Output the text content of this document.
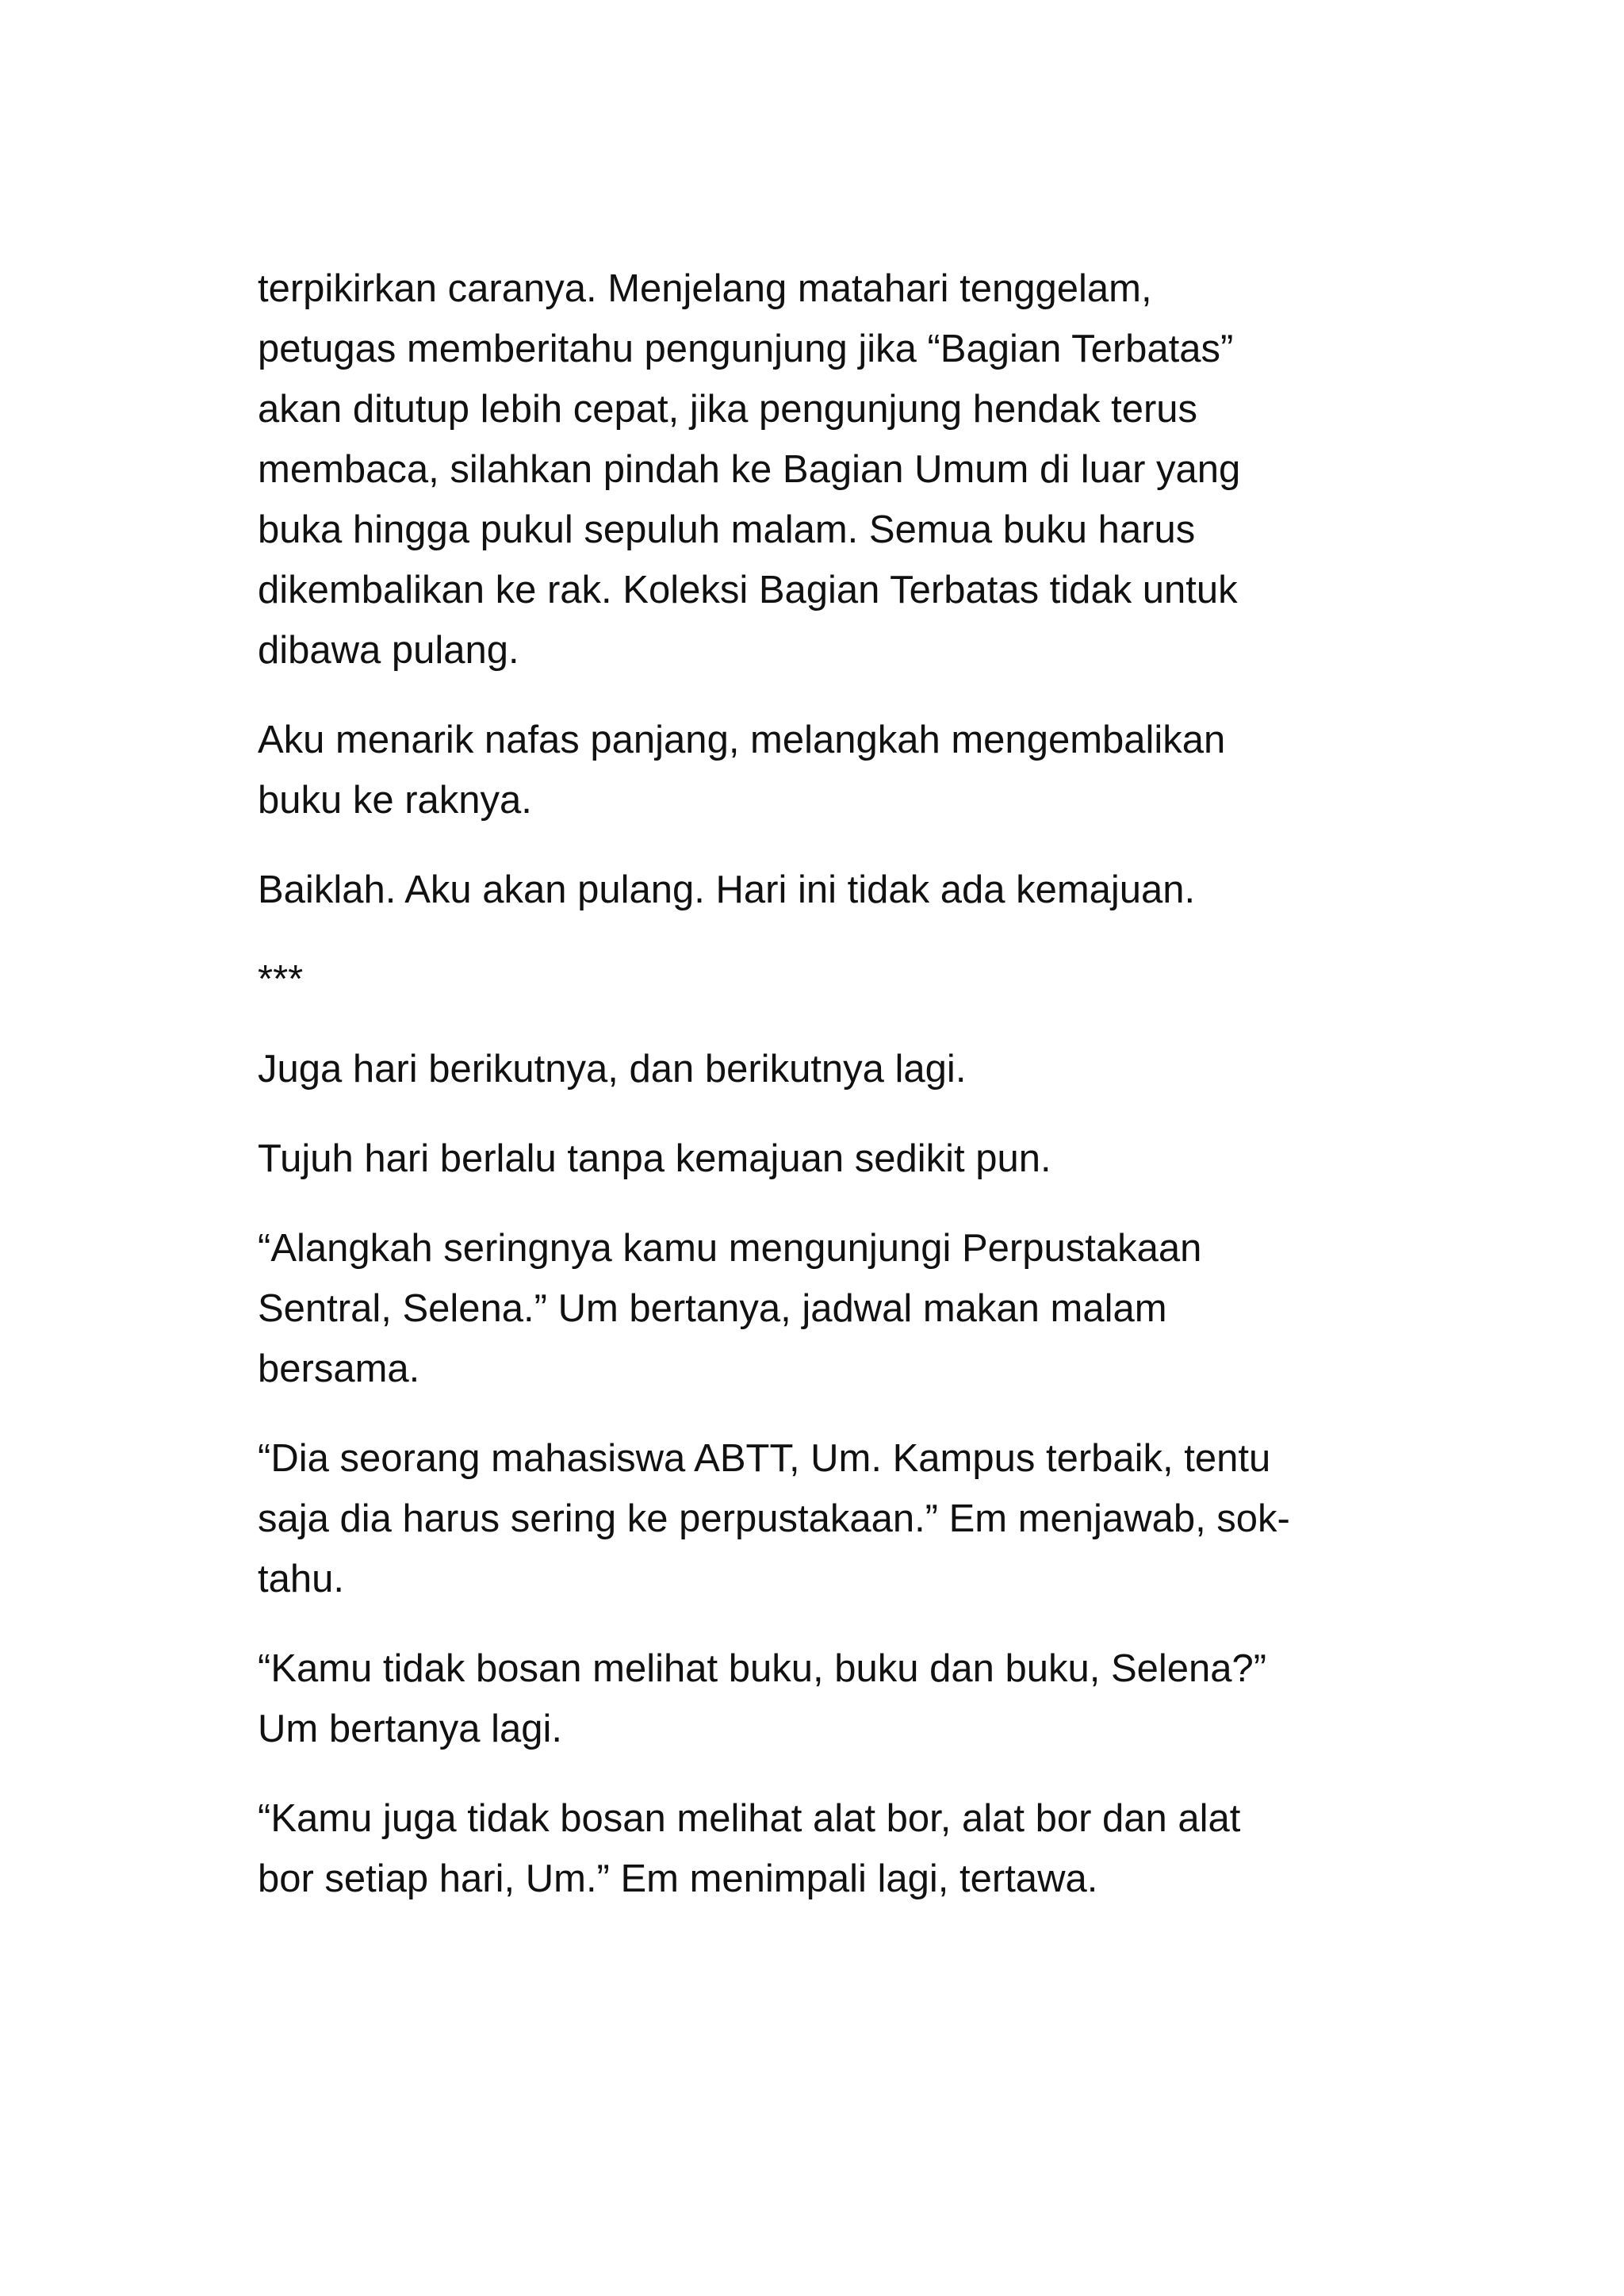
terpikirkan caranya. Menjelang matahari tenggelam,
petugas memberitahu pengunjung jika “Bagian Terbatas”
akan ditutup lebih cepat, jika pengunjung hendak terus
membaca, silahkan pindah ke Bagian Umum di luar yang
buka hingga pukul sepuluh malam. Semua buku harus
dikembalikan ke rak. Koleksi Bagian Terbatas tidak untuk
dibawa pulang.

Aku menarik nafas panjang, melangkah mengembalikan
buku ke raknya.

Baiklah. Aku akan pulang. Hari ini tidak ada kemajuan.

***

Juga hari berikutnya, dan berikutnya lagi.

Tujuh hari berlalu tanpa kemajuan sedikit pun.

“Alangkah seringnya kamu mengunjungi Perpustakaan
Sentral, Selena.” Um bertanya, jadwal makan malam
bersama.

“Dia seorang mahasiswa ABTT, Um. Kampus terbaik, tentu
saja dia harus sering ke perpustakaan.” Em menjawab, sok-
tahu.

“Kamu tidak bosan melihat buku, buku dan buku, Selena?”
Um bertanya lagi.

“Kamu juga tidak bosan melihat alat bor, alat bor dan alat
bor setiap hari, Um.” Em menimpali lagi, tertawa.
